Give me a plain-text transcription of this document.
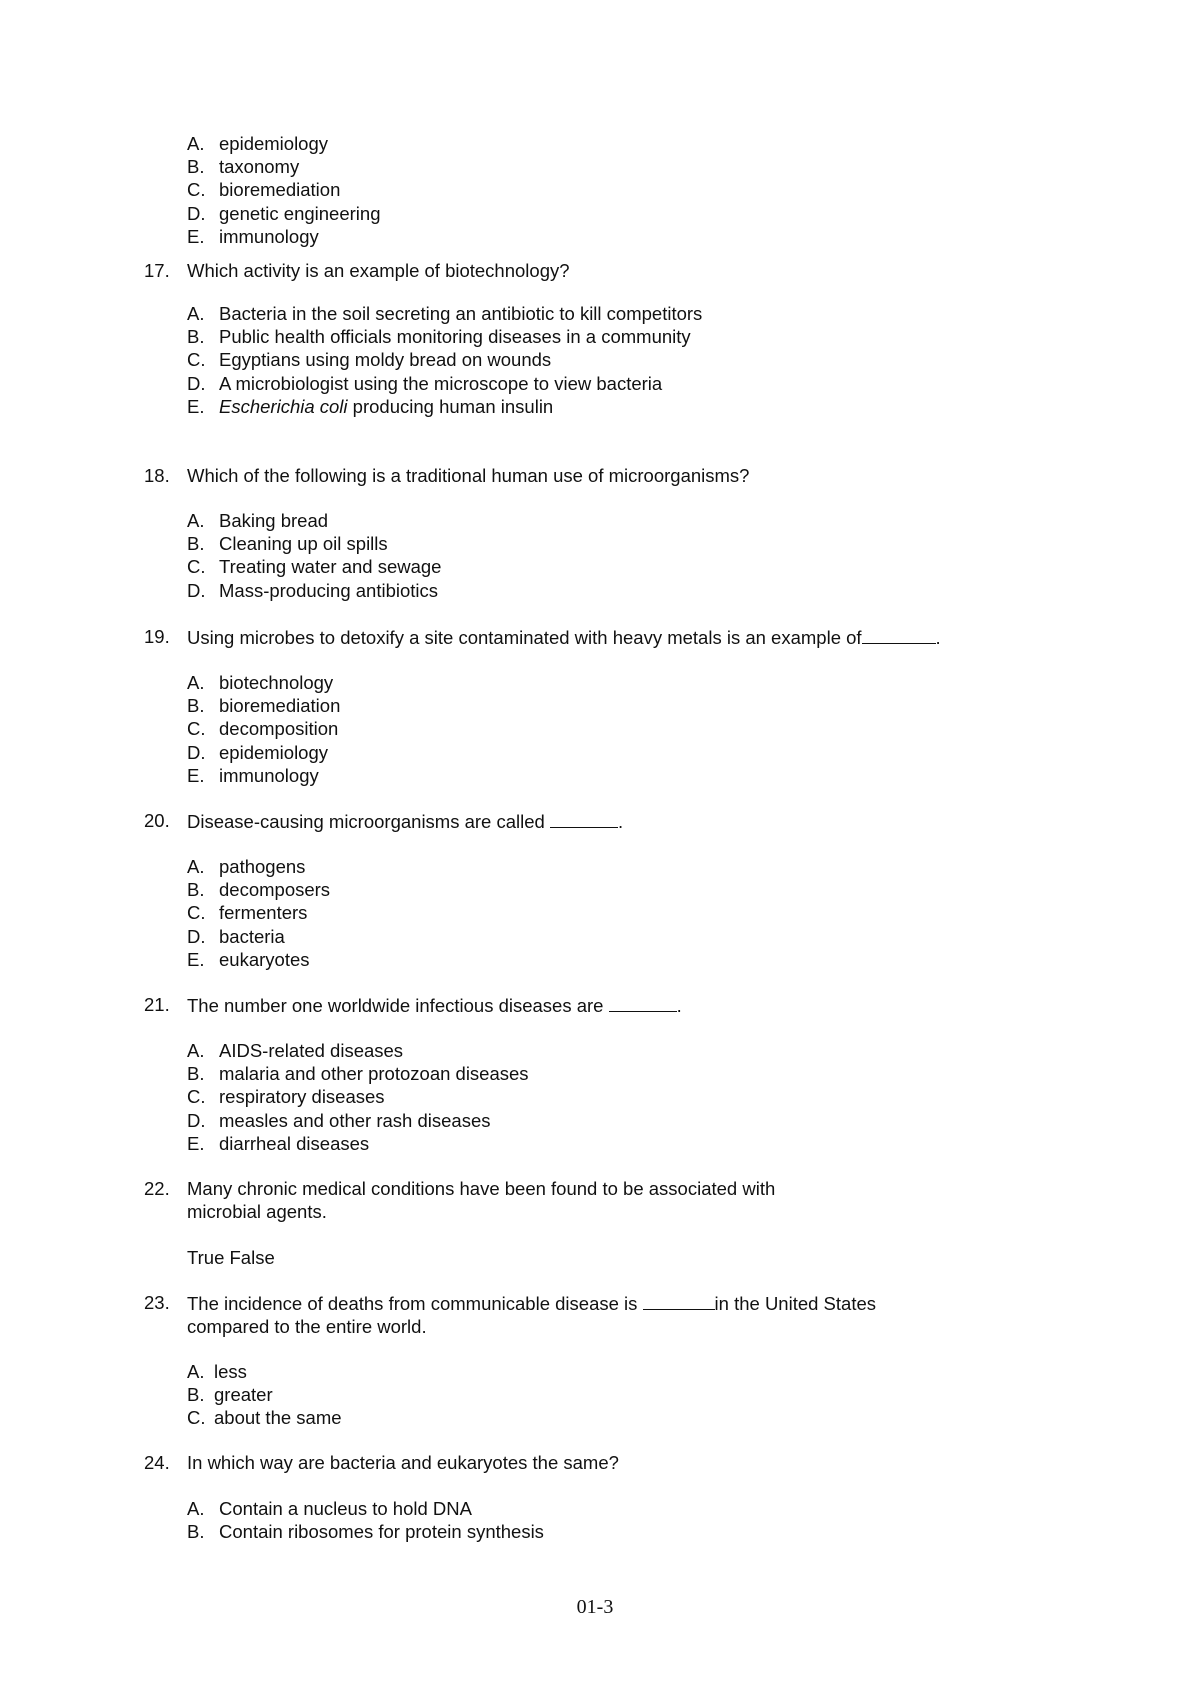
A. epidemiology
B. taxonomy
C. bioremediation
D. genetic engineering
E. immunology
17. Which activity is an example of biotechnology?
A. Bacteria in the soil secreting an antibiotic to kill competitors
B. Public health officials monitoring diseases in a community
C. Egyptians using moldy bread on wounds
D. A microbiologist using the microscope to view bacteria
E. Escherichia coli producing human insulin
18. Which of the following is a traditional human use of microorganisms?
A. Baking bread
B. Cleaning up oil spills
C. Treating water and sewage
D. Mass-producing antibiotics
19. Using microbes to detoxify a site contaminated with heavy metals is an example of	.
A. biotechnology
B. bioremediation
C. decomposition
D. epidemiology
E. immunology
20. Disease-causing microorganisms are called	.
A. pathogens
B. decomposers
C. fermenters
D. bacteria
E. eukaryotes
21. The number one worldwide infectious diseases are	.
A. AIDS-related diseases
B. malaria and other protozoan diseases
C. respiratory diseases
D. measles and other rash diseases
E. diarrheal diseases
22. Many chronic medical conditions have been found to be associated with
microbial agents.
True False
23. The incidence of deaths from communicable disease is	in the United States
compared to the entire world.
A. less
B. greater
C. about the same
24. In which way are bacteria and eukaryotes the same?
A. Contain a nucleus to hold DNA
B. Contain ribosomes for protein synthesis
01-3
